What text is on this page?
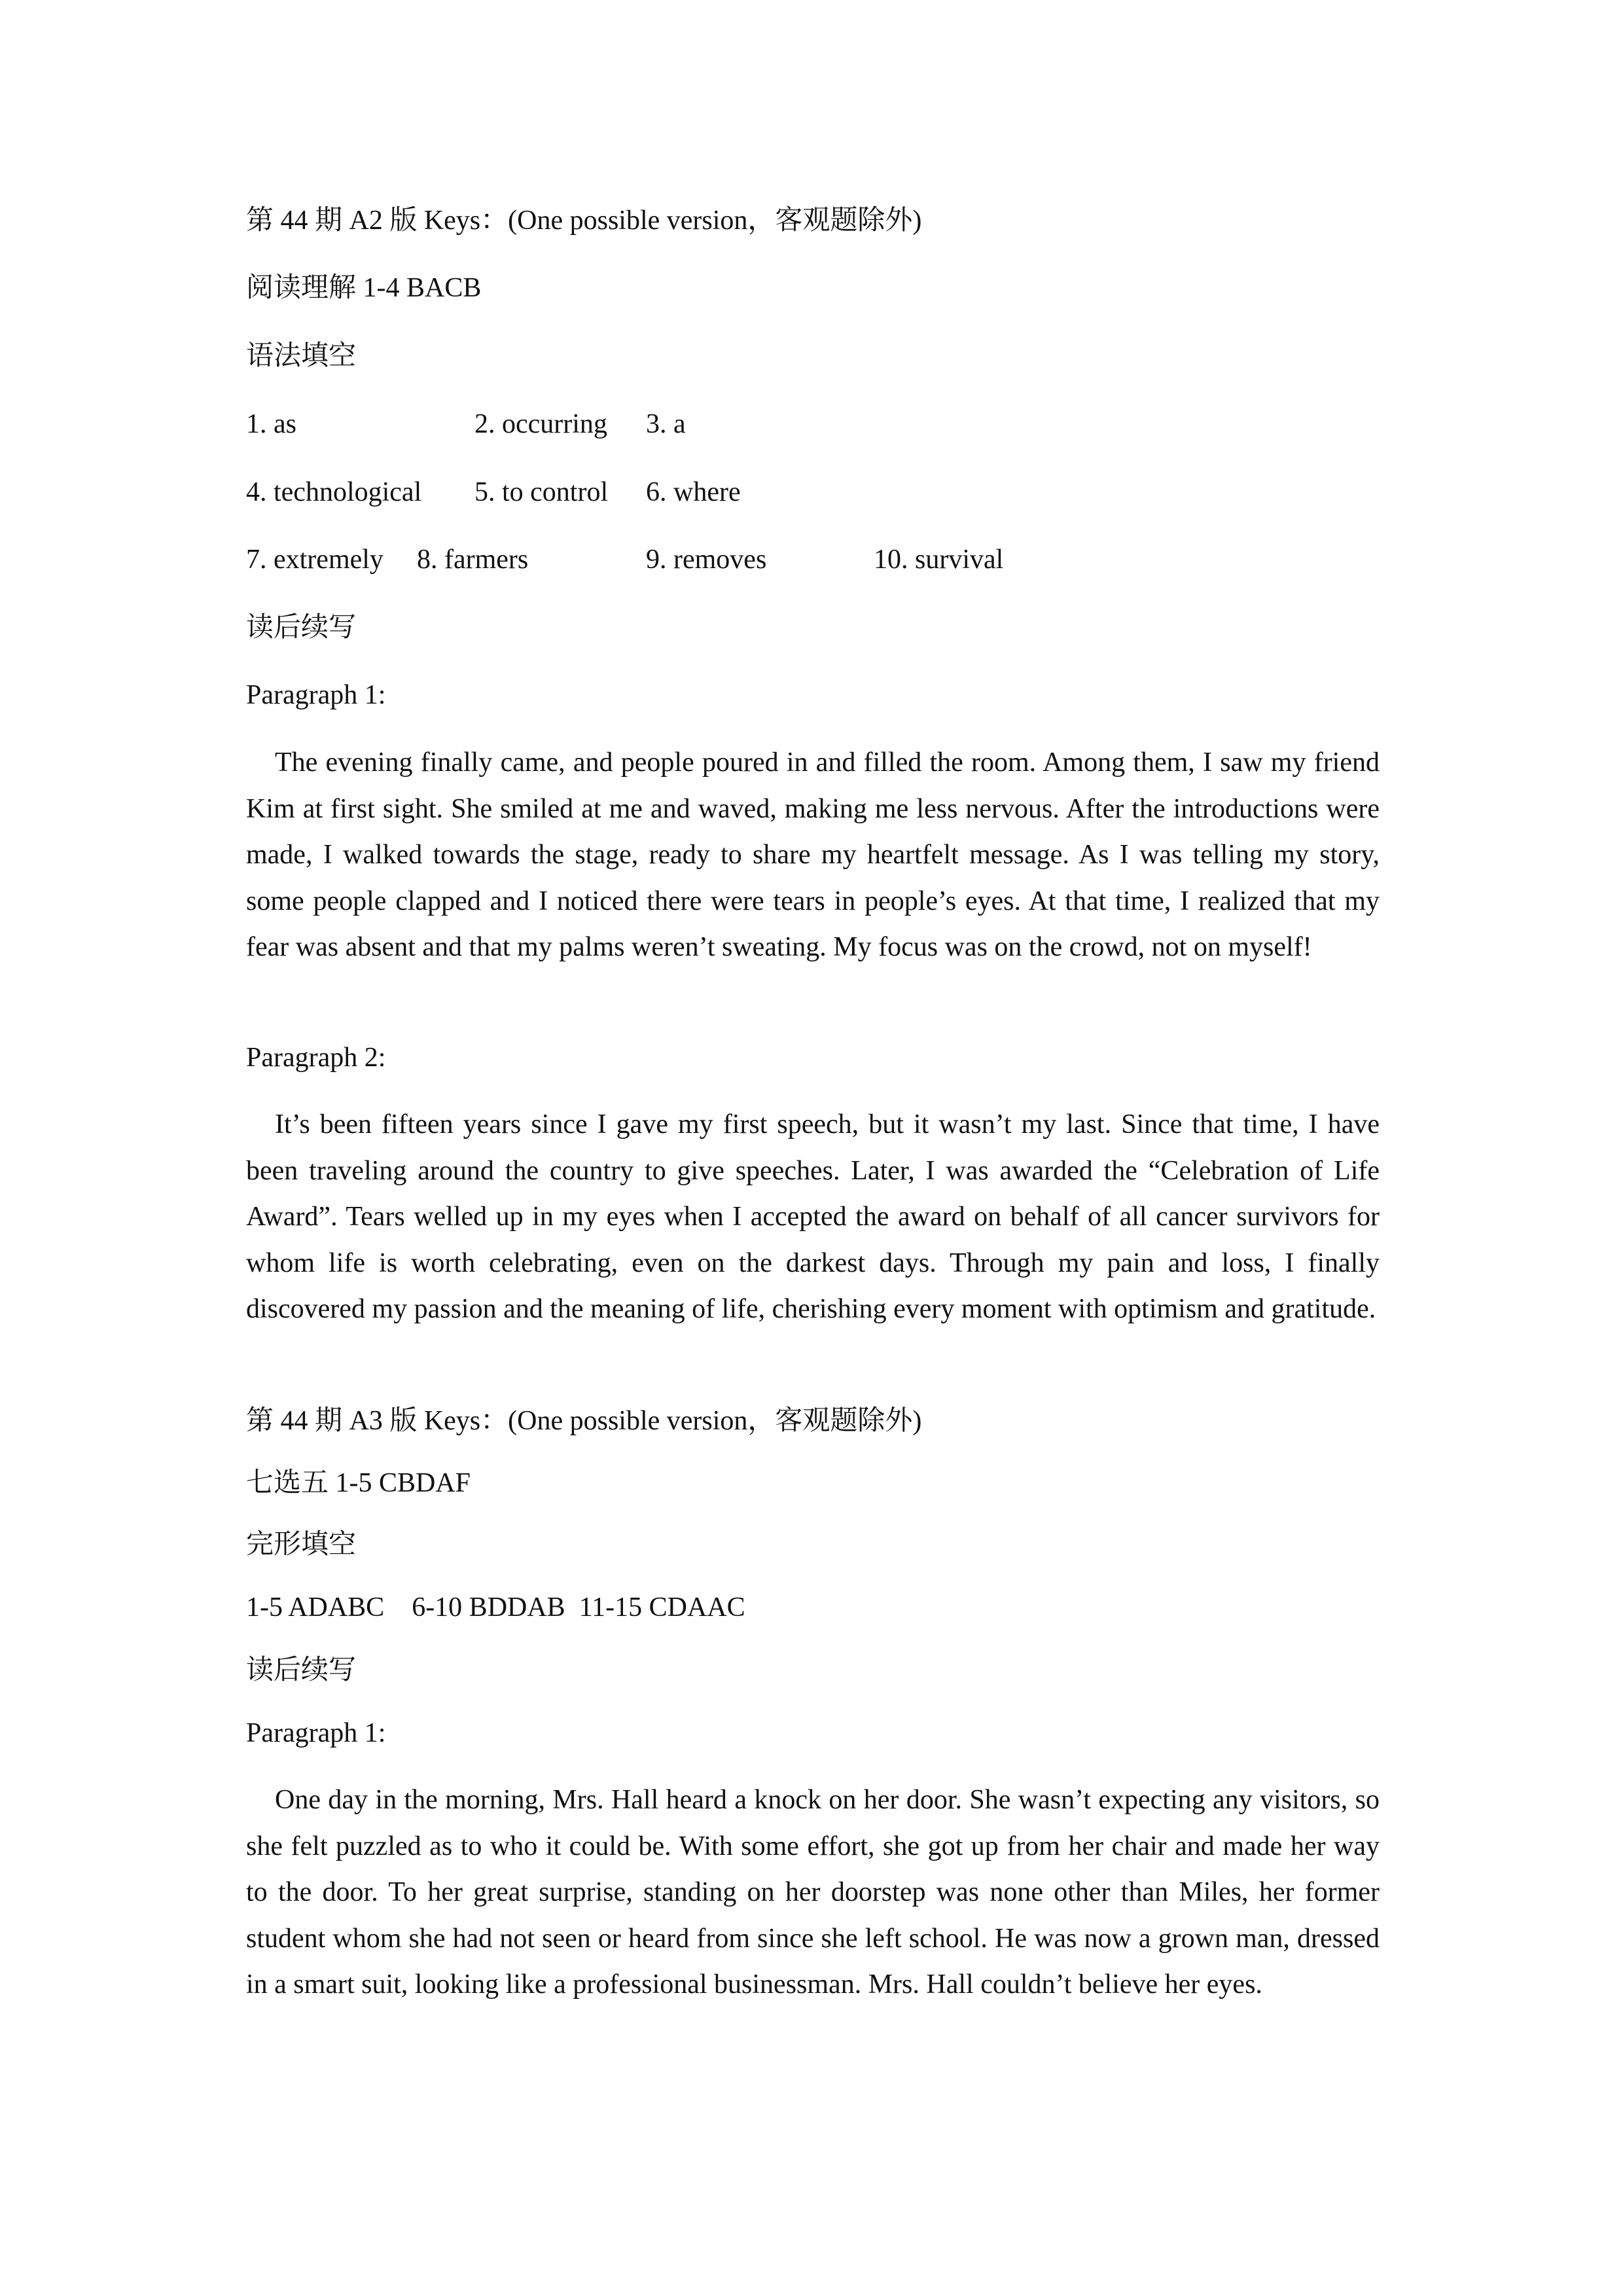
第 44 期 A2 版 Keys：(One possible version，客观题除外)
阅读理解 1-4 BACB
语法填空
1. as	2. occurring 3. a
4. technological 5. to control 6. where
7. extremely 8. farmers	9. removes	10. survival
读后续写
Paragraph 1:
The evening finally came, and people poured in and filled the room. Among them, I saw my friend Kim at first sight. She smiled at me and waved, making me less nervous. After the introductions were made, I walked towards the stage, ready to share my heartfelt message. As I was telling my story, some people clapped and I noticed there were tears in people’s eyes. At that time, I realized that my fear was absent and that my palms weren’t sweating. My focus was on the crowd, not on myself!
Paragraph 2:
It’s been fifteen years since I gave my first speech, but it wasn’t my last. Since that time, I have been traveling around the country to give speeches. Later, I was awarded the “Celebration of Life Award”. Tears welled up in my eyes when I accepted the award on behalf of all cancer survivors for whom life is worth celebrating, even on the darkest days. Through my pain and loss, I finally discovered my passion and the meaning of life, cherishing every moment with optimism and gratitude.
第 44 期 A3 版 Keys：(One possible version，客观题除外)
七选五 1-5 CBDAF
完形填空
1-5 ADABC    6-10 BDDAB  11-15 CDAAC
读后续写
Paragraph 1:
One day in the morning, Mrs. Hall heard a knock on her door. She wasn’t expecting any visitors, so she felt puzzled as to who it could be. With some effort, she got up from her chair and made her way to the door. To her great surprise, standing on her doorstep was none other than Miles, her former student whom she had not seen or heard from since she left school. He was now a grown man, dressed in a smart suit, looking like a professional businessman. Mrs. Hall couldn’t believe her eyes.
